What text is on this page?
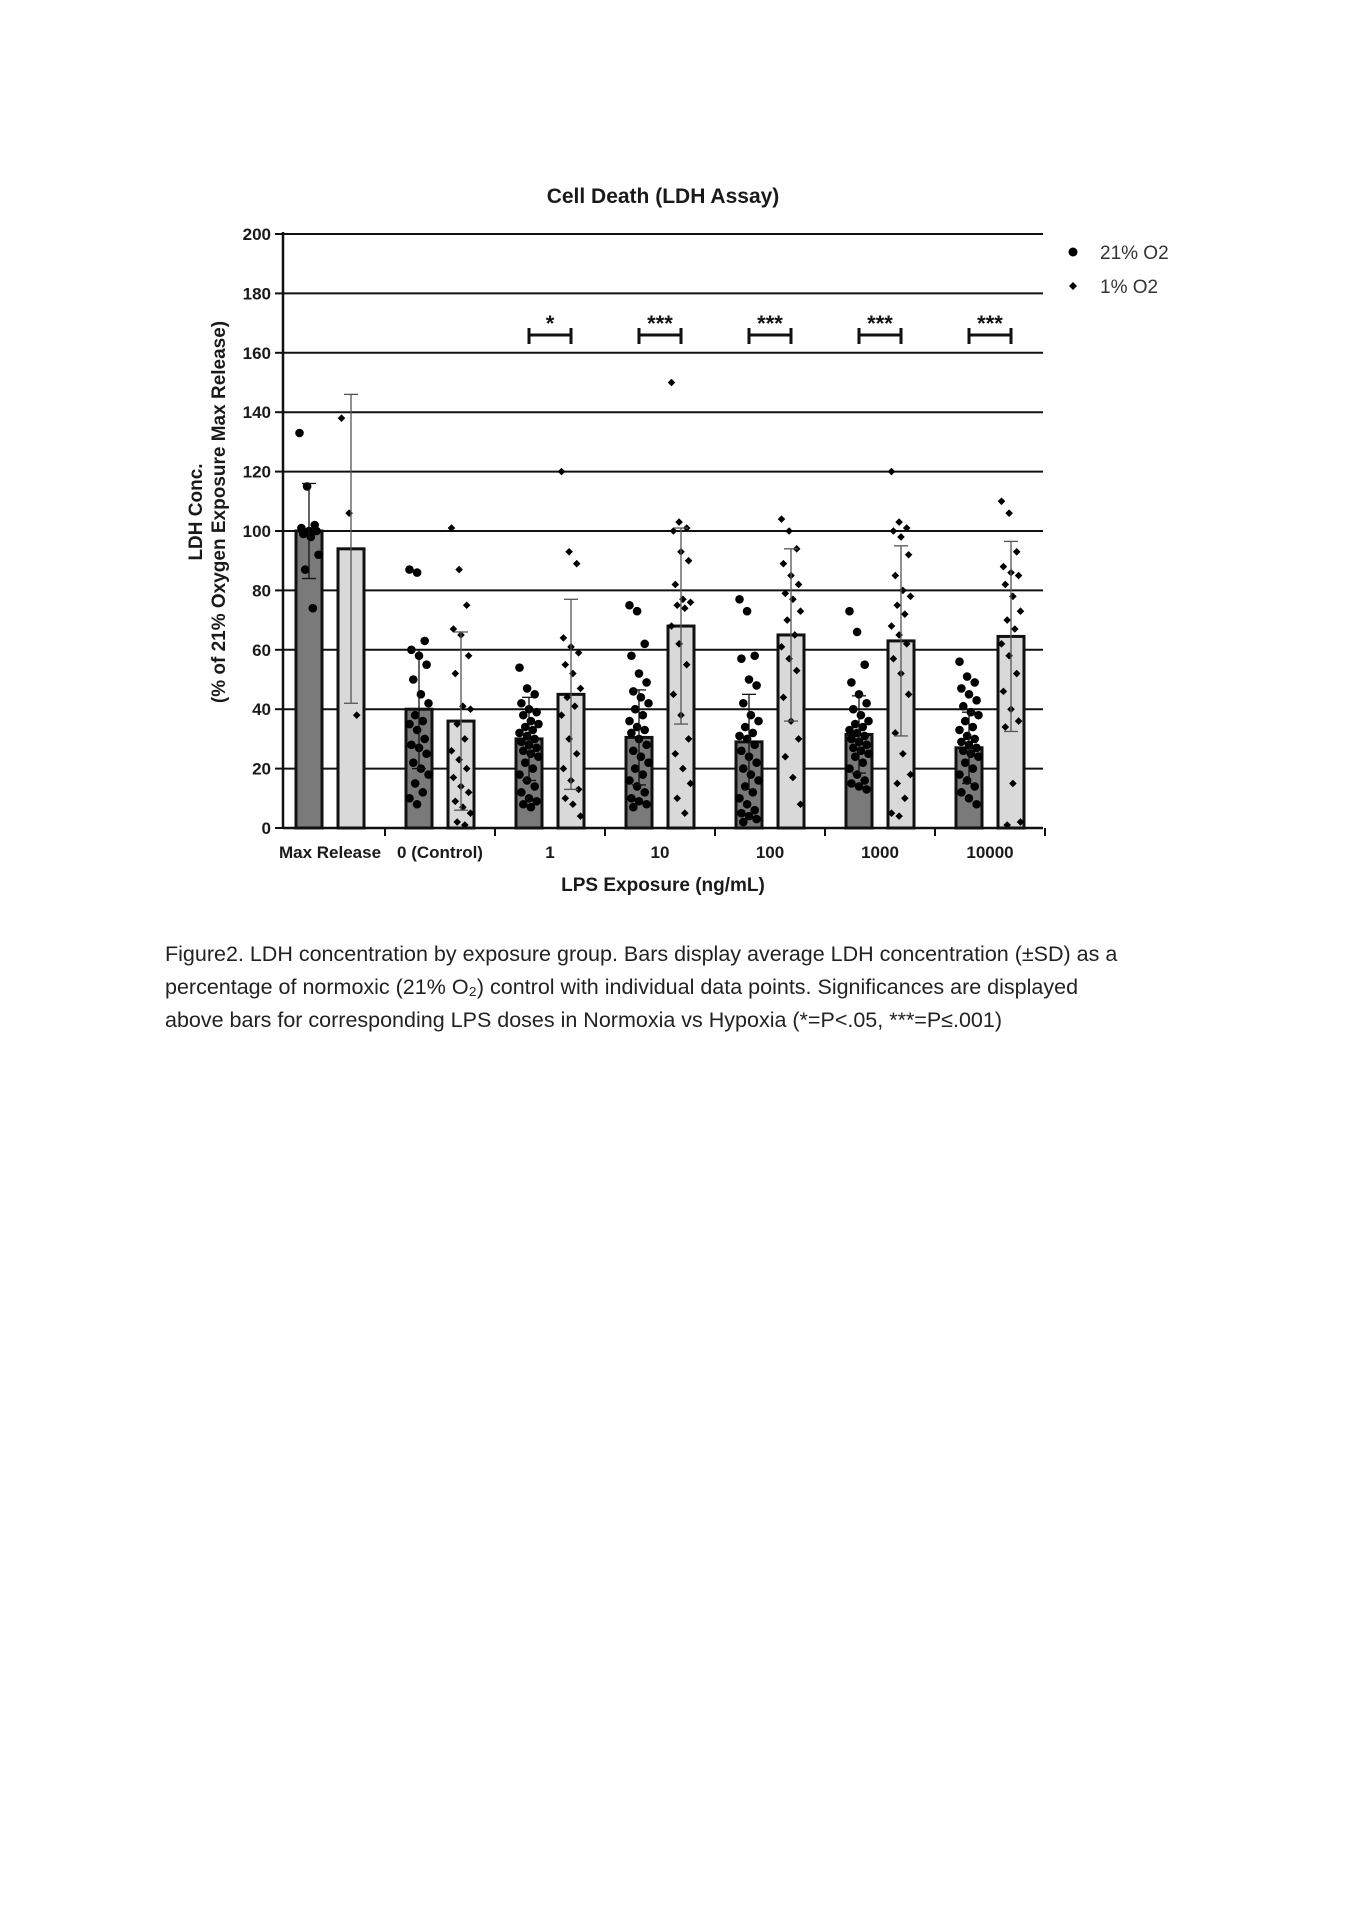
Cell Death (LDH Assay)
0
20
40
60
80
100
120
140
160
180
200
Max Release 0 (Control)	1	10	100	1000	10000
*	***	***	***	***
LPS Exposure (ng/mL)
LDH Conc. (% of 21% Oxygen Exposure Max Release)
21% O2
1% O2

Figure2. LDH concentration by exposure group. Bars display average LDH concentration (±SD) as a

percentage of normoxic (21% O₂) control with individual data points. Significances are displayed

above bars for corresponding LPS doses in Normoxia vs Hypoxia (*=P<.05, ***=P≤.001)
